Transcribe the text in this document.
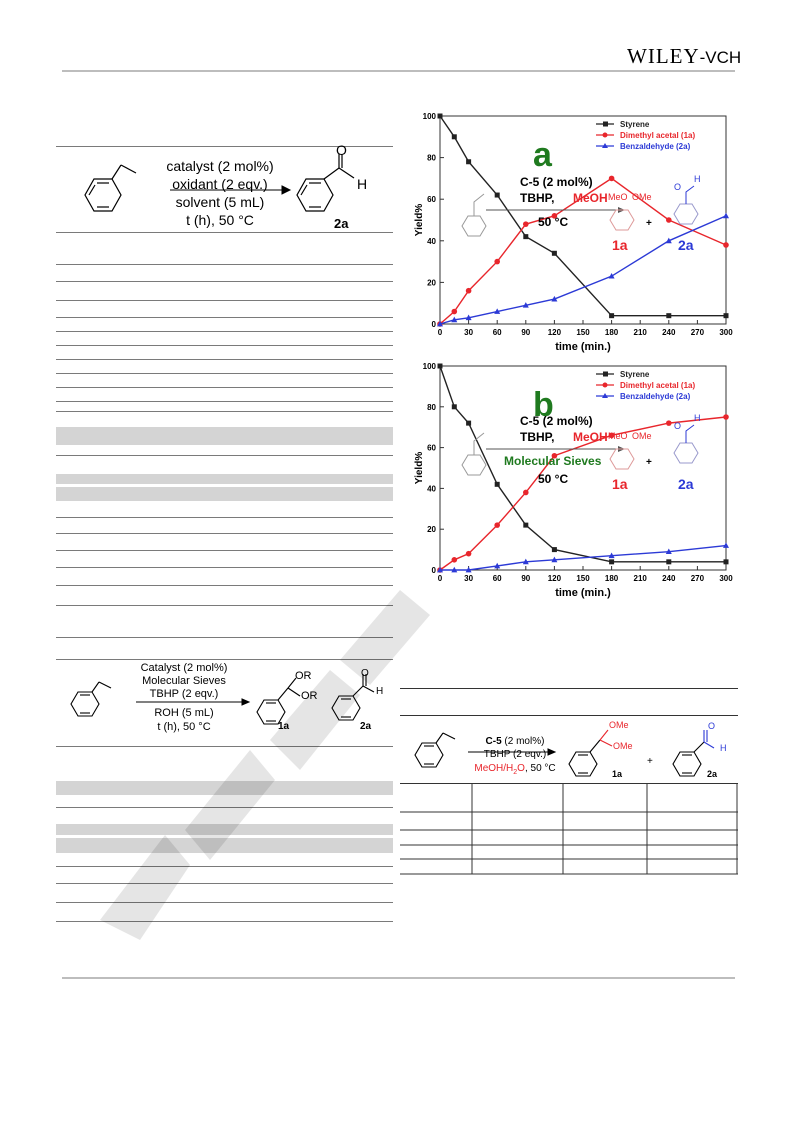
WILEY-VCH
catalyst (2 mol%)
oxidant (2 eqv.)
solvent (5 mL)
t (h), 50 °C
O
H
2a
Catalyst (2 mol%)
Molecular Sieves
TBHP (2 eqv.)
ROH (5 mL)
t (h), 50 °C
OR
OR
1a
O
H
2a
0
20
40
60
80
100
0	30 60 90 120 150 180 210 240 270 300
time (min.)
Yield%
Styrene
Dimethyl acetal (1a)
Benzaldehyde (2a)
a
C-5 (2 mol%)
TBHP, MeOH
50 °C
MeO OMe
1a
+
O
H
2a
0
20
40
60
80
100
0	30 60 90 120 150 180 210 240 270 300
time (min.)
Yield%
Styrene
Dimethyl acetal (1a)
Benzaldehyde (2a)
b
C-5 (2 mol%)
TBHP, MeOH
Molecular Sieves
50 °C
MeO OMe
1a
+
O
H
2a
C-5 (2 mol%)
TBHP (2 eqv.)
MeOH/$H_2O$, 50 °C
OMe
OMe
1a
+
O
H
2a
